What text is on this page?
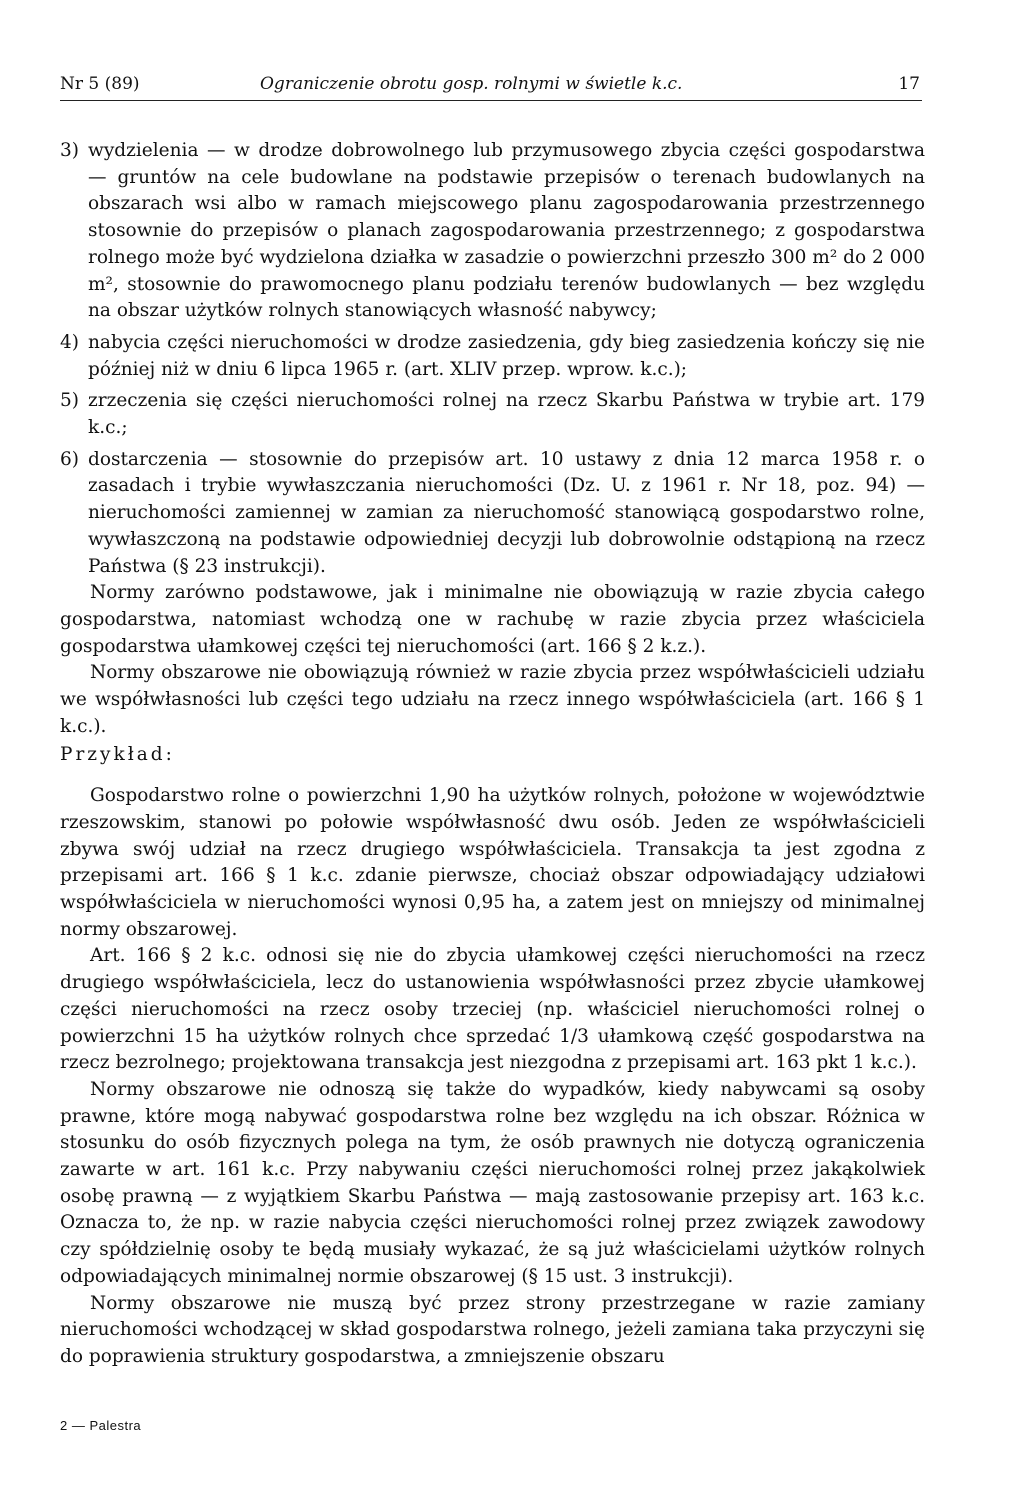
Nr 5 (89)	Ograniczenie obrotu gosp. rolnymi w świetle k.c.	17
3) wydzielenia — w drodze dobrowolnego lub przymusowego zbycia części gospodarstwa — gruntów na cele budowlane na podstawie przepisów o terenach budowlanych na obszarach wsi albo w ramach miejscowego planu zagospodarowania przestrzennego stosownie do przepisów o planach zagospodarowania przestrzennego; z gospodarstwa rolnego może być wydzielona działka w zasadzie o powierzchni przeszło 300 m² do 2 000 m², stosownie do prawomocnego planu podziału terenów budowlanych — bez względu na obszar użytków rolnych stanowiących własność nabywcy;
4) nabycia części nieruchomości w drodze zasiedzenia, gdy bieg zasiedzenia kończy się nie później niż w dniu 6 lipca 1965 r. (art. XLIV przep. wprow. k.c.);
5) zrzeczenia się części nieruchomości rolnej na rzecz Skarbu Państwa w trybie art. 179 k.c.;
6) dostarczenia — stosownie do przepisów art. 10 ustawy z dnia 12 marca 1958 r. o zasadach i trybie wywłaszczania nieruchomości (Dz. U. z 1961 r. Nr 18, poz. 94) — nieruchomości zamiennej w zamian za nieruchomość stanowiącą gospodarstwo rolne, wywłaszczoną na podstawie odpowiedniej decyzji lub dobrowolnie odstąpioną na rzecz Państwa (§ 23 instrukcji).

Normy zarówno podstawowe, jak i minimalne nie obowiązują w razie zbycia całego gospodarstwa, natomiast wchodzą one w rachubę w razie zbycia przez właściciela gospodarstwa ułamkowej części tej nieruchomości (art. 166 § 2 k.z.).

Normy obszarowe nie obowiązują również w razie zbycia przez współwłaścicieli udziału we współwłasności lub części tego udziału na rzecz innego współwłaściciela (art. 166 § 1 k.c.).

Przykład:

Gospodarstwo rolne o powierzchni 1,90 ha użytków rolnych, położone w województwie rzeszowskim, stanowi po połowie współwłasność dwu osób. Jeden ze współwłaścicieli zbywa swój udział na rzecz drugiego współwłaściciela. Transakcja ta jest zgodna z przepisami art. 166 § 1 k.c. zdanie pierwsze, chociaż obszar odpowiadający udziałowi współwłaściciela w nieruchomości wynosi 0,95 ha, a zatem jest on mniejszy od minimalnej normy obszarowej.

Art. 166 § 2 k.c. odnosi się nie do zbycia ułamkowej części nieruchomości na rzecz drugiego współwłaściciela, lecz do ustanowienia współwłasności przez zbycie ułamkowej części nieruchomości na rzecz osoby trzeciej (np. właściciel nieruchomości rolnej o powierzchni 15 ha użytków rolnych chce sprzedać 1/3 ułamkową część gospodarstwa na rzecz bezrolnego; projektowana transakcja jest niezgodna z przepisami art. 163 pkt 1 k.c.).

Normy obszarowe nie odnoszą się także do wypadków, kiedy nabywcami są osoby prawne, które mogą nabywać gospodarstwa rolne bez względu na ich obszar. Różnica w stosunku do osób fizycznych polega na tym, że osób prawnych nie dotyczą ograniczenia zawarte w art. 161 k.c. Przy nabywaniu części nieruchomości rolnej przez jakąkolwiek osobę prawną — z wyjątkiem Skarbu Państwa — mają zastosowanie przepisy art. 163 k.c. Oznacza to, że np. w razie nabycia części nieruchomości rolnej przez związek zawodowy czy spółdzielnię osoby te będą musiały wykazać, że są już właścicielami użytków rolnych odpowiadających minimalnej normie obszarowej (§ 15 ust. 3 instrukcji).

Normy obszarowe nie muszą być przez strony przestrzegane w razie zamiany nieruchomości wchodzącej w skład gospodarstwa rolnego, jeżeli zamiana taka przyczyni się do poprawienia struktury gospodarstwa, a zmniejszenie obszaru

2 — Palestra
